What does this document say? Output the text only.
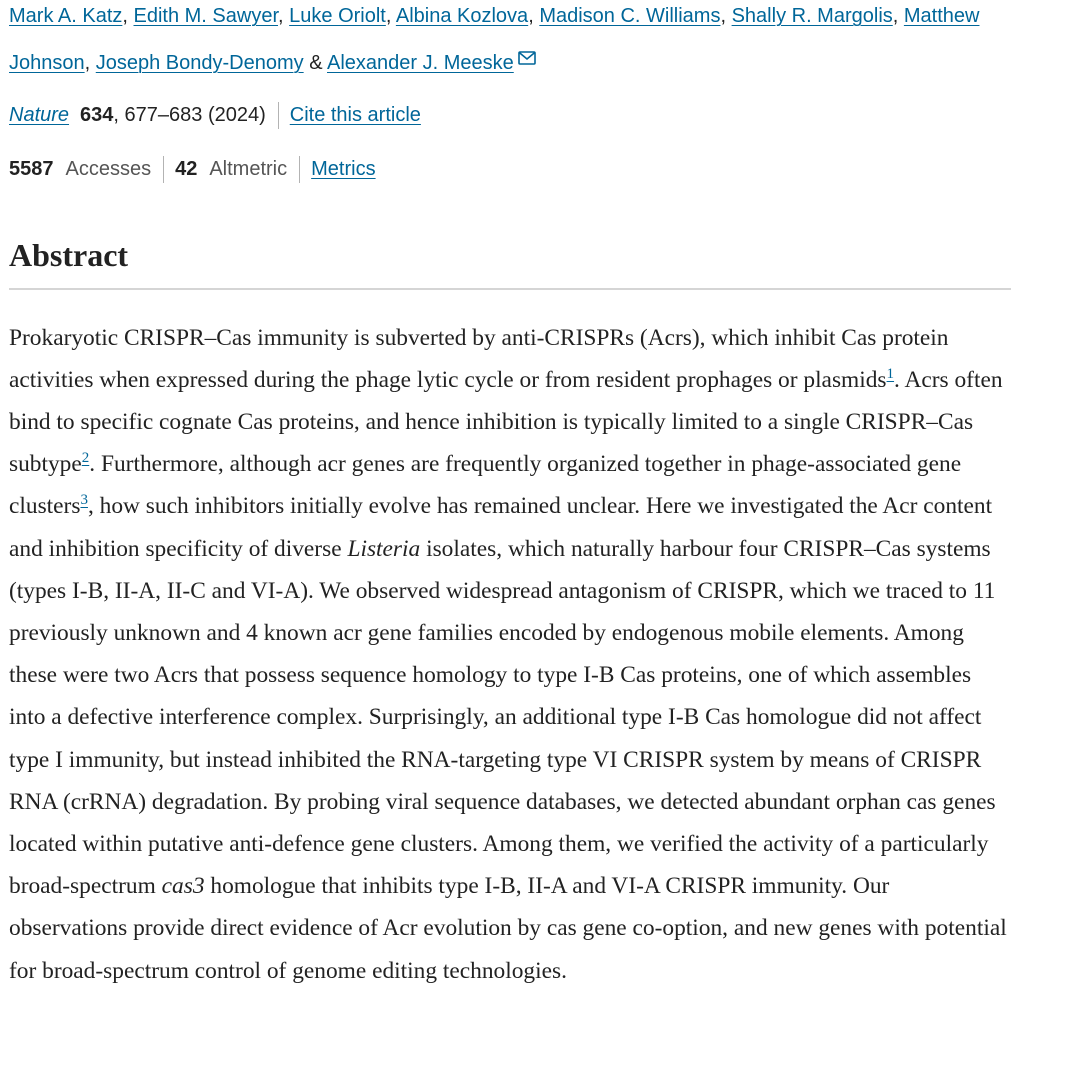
Mark A. Katz, Edith M. Sawyer, Luke Oriolt, Albina Kozlova, Madison C. Williams, Shally R. Margolis, Matthew Johnson, Joseph Bondy-Denomy & Alexander J. Meeske
Nature 634 , 677–683 (2024) Cite this article
5587 Accesses 42 Altmetric Metrics
Abstract

Prokaryotic CRISPR–Cas immunity is subverted by anti-CRISPRs (Acrs), which inhibit Cas protein activities when expressed during the phage lytic cycle or from resident prophages or plasmids$^1$. Acrs often bind to specific cognate Cas proteins, and hence inhibition is typically limited to a single CRISPR–Cas subtype$^2$. Furthermore, although acr genes are frequently organized together in phage-associated gene clusters$^3$, how such inhibitors initially evolve has remained unclear. Here we investigated the Acr content and inhibition specificity of diverse Listeria isolates, which naturally harbour four CRISPR–Cas systems (types I-B, II-A, II-C and VI-A). We observed widespread antagonism of CRISPR, which we traced to 11 previously unknown and 4 known acr gene families encoded by endogenous mobile elements. Among these were two Acrs that possess sequence homology to type I-B Cas proteins, one of which assembles into a defective interference complex. Surprisingly, an additional type I-B Cas homologue did not affect type I immunity, but instead inhibited the RNA-targeting type VI CRISPR system by means of CRISPR RNA (crRNA) degradation. By probing viral sequence databases, we detected abundant orphan cas genes located within putative anti-defence gene clusters. Among them, we verified the activity of a particularly broad-spectrum cas3 homologue that inhibits type I-B, II-A and VI-A CRISPR immunity. Our observations provide direct evidence of Acr evolution by cas gene co-option, and new genes with potential for broad-spectrum control of genome editing technologies.
